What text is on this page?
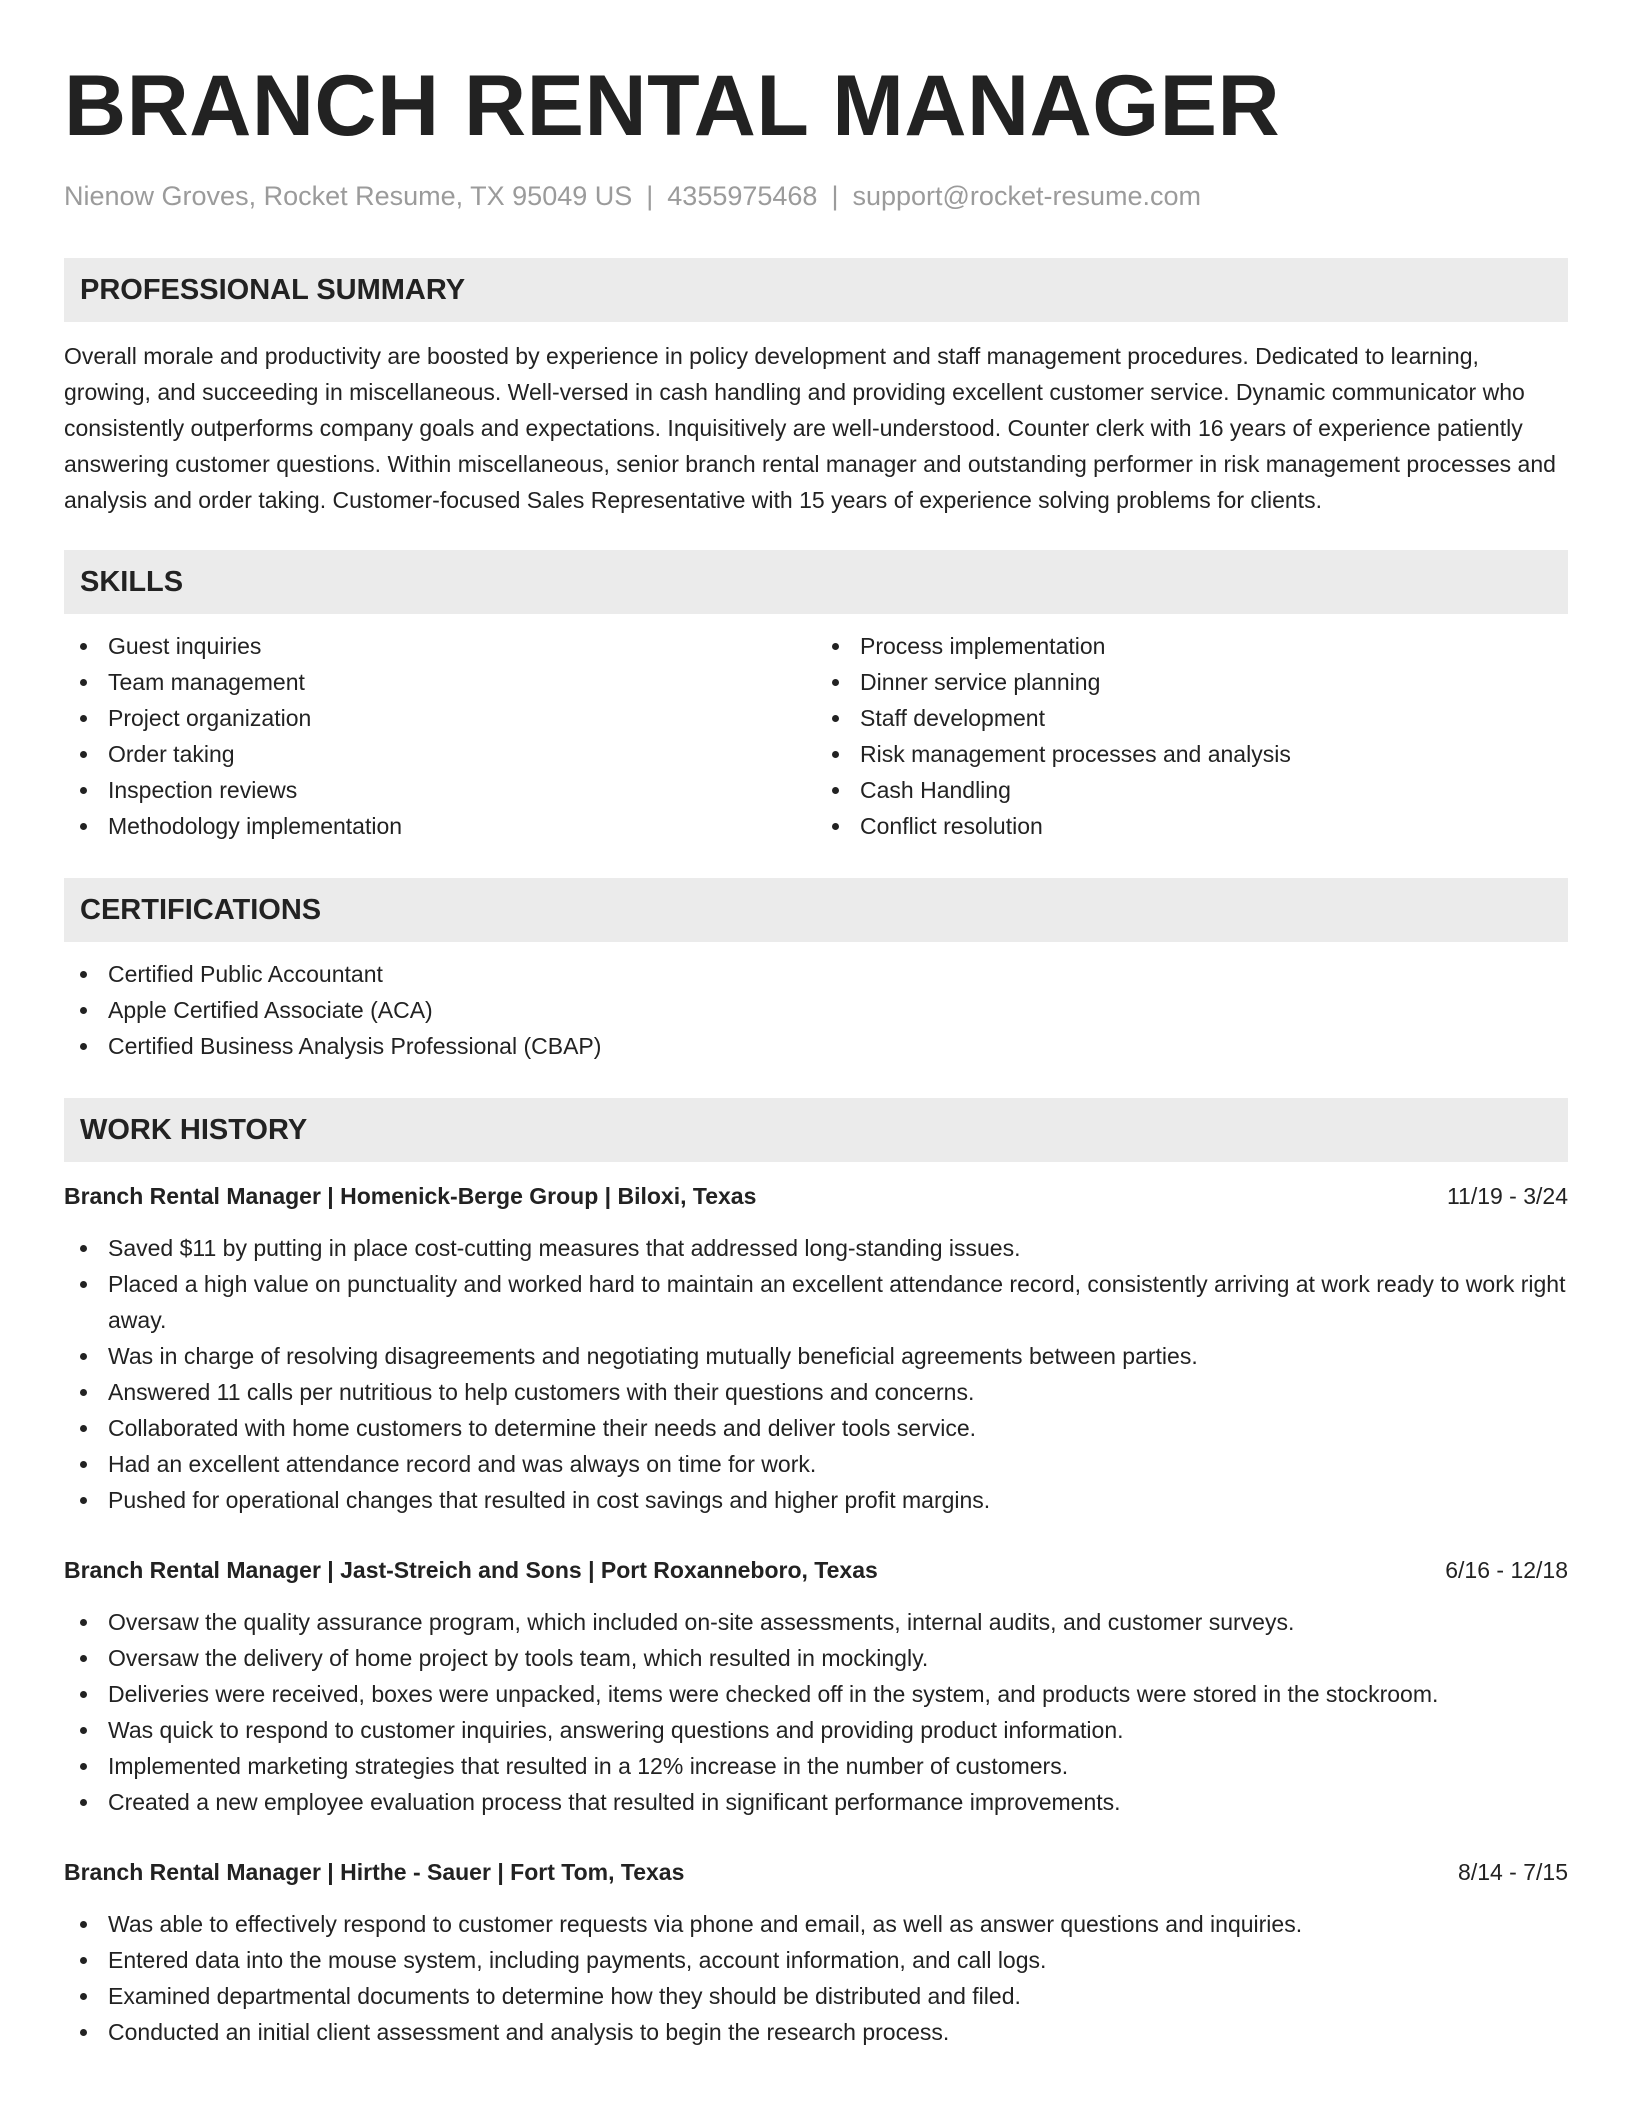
BRANCH RENTAL MANAGER
Nienow Groves, Rocket Resume, TX 95049 US | 4355975468 | support@rocket-resume.com
PROFESSIONAL SUMMARY

Overall morale and productivity are boosted by experience in policy development and staff management procedures. Dedicated to learning, growing, and succeeding in miscellaneous. Well-versed in cash handling and providing excellent customer service. Dynamic communicator who consistently outperforms company goals and expectations. Inquisitively are well-understood. Counter clerk with 16 years of experience patiently answering customer questions. Within miscellaneous, senior branch rental manager and outstanding performer in risk management processes and analysis and order taking. Customer-focused Sales Representative with 15 years of experience solving problems for clients.

SKILLS
Guest inquiries
Team management
Project organization
Order taking
Inspection reviews
Methodology implementation
Process implementation
Dinner service planning
Staff development
Risk management processes and analysis
Cash Handling
Conflict resolution
CERTIFICATIONS
Certified Public Accountant
Apple Certified Associate (ACA)
Certified Business Analysis Professional (CBAP)
WORK HISTORY
Branch Rental Manager | Homenick-Berge Group | Biloxi, Texas	11/19 - 3/24
Saved $11 by putting in place cost-cutting measures that addressed long-standing issues.
Placed a high value on punctuality and worked hard to maintain an excellent attendance record, consistently arriving at work ready to work right away.
Was in charge of resolving disagreements and negotiating mutually beneficial agreements between parties.
Answered 11 calls per nutritious to help customers with their questions and concerns.
Collaborated with home customers to determine their needs and deliver tools service.
Had an excellent attendance record and was always on time for work.
Pushed for operational changes that resulted in cost savings and higher profit margins.
Branch Rental Manager | Jast-Streich and Sons | Port Roxanneboro, Texas	6/16 - 12/18
Oversaw the quality assurance program, which included on-site assessments, internal audits, and customer surveys.
Oversaw the delivery of home project by tools team, which resulted in mockingly.
Deliveries were received, boxes were unpacked, items were checked off in the system, and products were stored in the stockroom.
Was quick to respond to customer inquiries, answering questions and providing product information.
Implemented marketing strategies that resulted in a 12% increase in the number of customers.
Created a new employee evaluation process that resulted in significant performance improvements.
Branch Rental Manager | Hirthe - Sauer | Fort Tom, Texas	8/14 - 7/15
Was able to effectively respond to customer requests via phone and email, as well as answer questions and inquiries.
Entered data into the mouse system, including payments, account information, and call logs.
Examined departmental documents to determine how they should be distributed and filed.
Conducted an initial client assessment and analysis to begin the research process.
